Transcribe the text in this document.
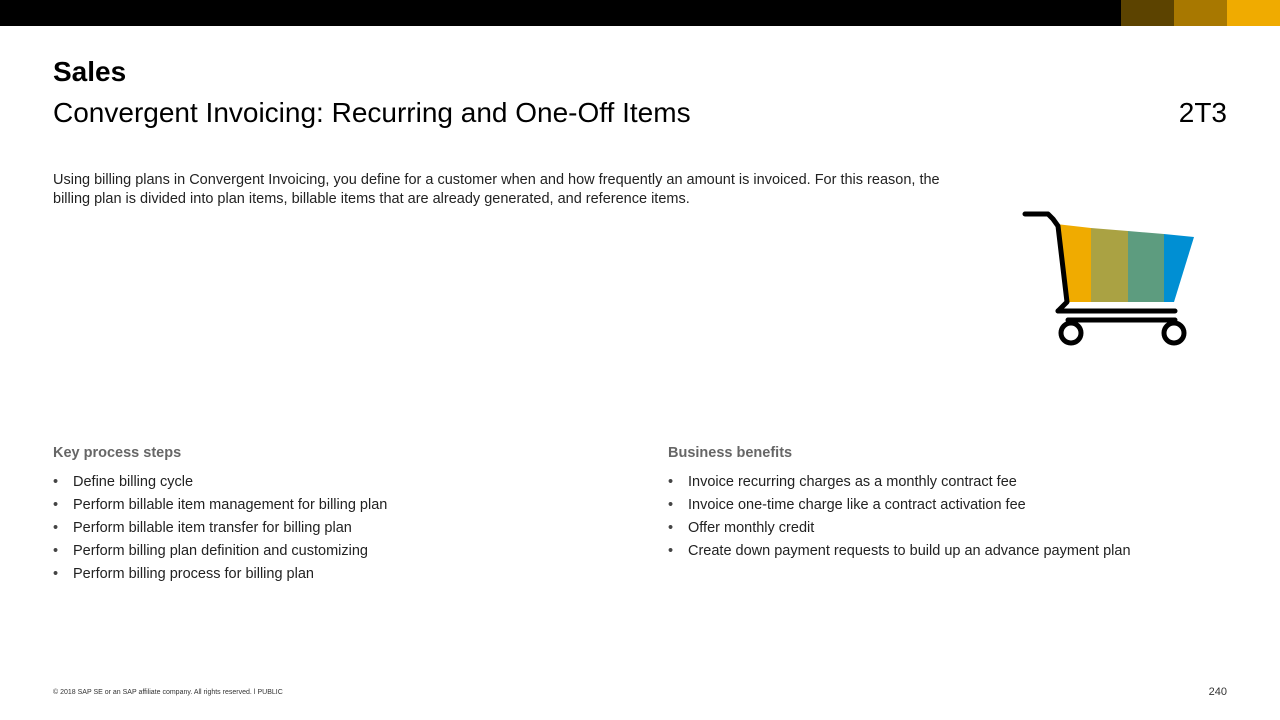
Sales
Convergent Invoicing: Recurring and One-Off Items	2T3
Using billing plans in Convergent Invoicing, you define for a customer when and how frequently an amount is invoiced. For this reason, the billing plan is divided into plan items, billable items that are already generated, and reference items.
Key process steps
• Define billing cycle
• Perform billable item management for billing plan
• Perform billable item transfer for billing plan
• Perform billing plan definition and customizing
• Perform billing process for billing plan
Business benefits
• Invoice recurring charges as a monthly contract fee
• Invoice one-time charge like a contract activation fee
• Offer monthly credit
• Create down payment requests to build up an advance payment plan
© 2018 SAP SE or an SAP affiliate company. All rights reserved. ǀ PUBLIC	240
